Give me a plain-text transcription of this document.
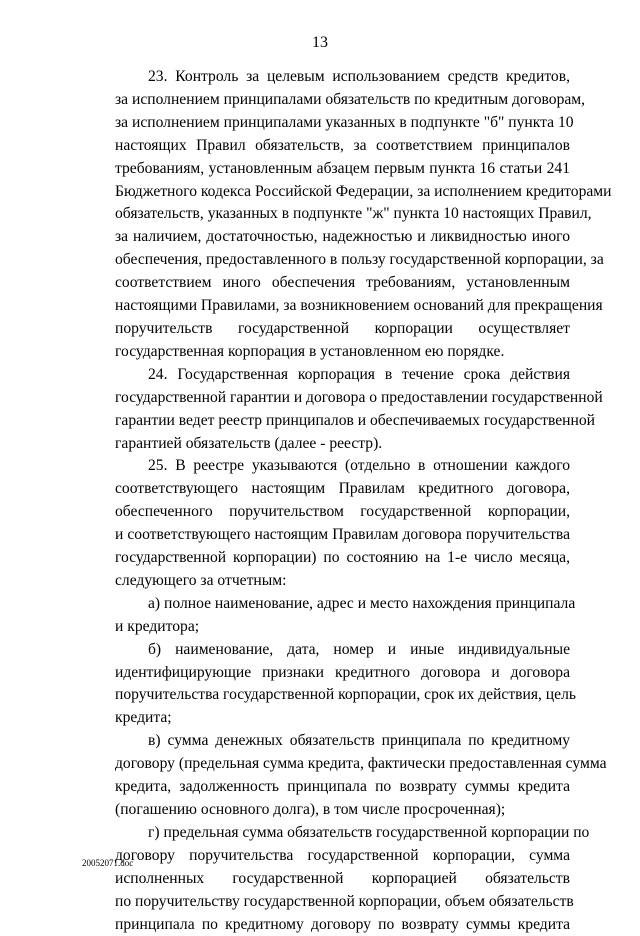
13
23. Контроль за целевым использованием средств кредитов,
за исполнением принципалами обязательств по кредитным договорам,
за исполнением принципалами указанных в подпункте "б" пункта 10
настоящих Правил обязательств, за соответствием принципалов
требованиям, установленным абзацем первым пункта 16 статьи 241
Бюджетного кодекса Российской Федерации, за исполнением кредиторами
обязательств, указанных в подпункте "ж" пункта 10 настоящих Правил,
за наличием, достаточностью, надежностью и ликвидностью иного
обеспечения, предоставленного в пользу государственной корпорации, за
соответствием иного обеспечения требованиям, установленным
настоящими Правилами, за возникновением оснований для прекращения
поручительств государственной корпорации осуществляет
государственная корпорация в установленном ею порядке.
24. Государственная корпорация в течение срока действия
государственной гарантии и договора о предоставлении государственной
гарантии ведет реестр принципалов и обеспечиваемых государственной
гарантией обязательств (далее - реестр).
25. В реестре указываются (отдельно в отношении каждого
соответствующего настоящим Правилам кредитного договора,
обеспеченного поручительством государственной корпорации,
и соответствующего настоящим Правилам договора поручительства
государственной корпорации) по состоянию на 1-е число месяца,
следующего за отчетным:
а) полное наименование, адрес и место нахождения принципала
и кредитора;
б) наименование, дата, номер и иные индивидуальные
идентифицирующие признаки кредитного договора и договора
поручительства государственной корпорации, срок их действия, цель
кредита;
в) сумма денежных обязательств принципала по кредитному
договору (предельная сумма кредита, фактически предоставленная сумма
кредита, задолженность принципала по возврату суммы кредита
(погашению основного долга), в том числе просроченная);
г) предельная сумма обязательств государственной корпорации по
договору поручительства государственной корпорации, сумма
исполненных государственной корпорацией обязательств
по поручительству государственной корпорации, объем обязательств
принципала по кредитному договору по возврату суммы кредита
20052071.doc
